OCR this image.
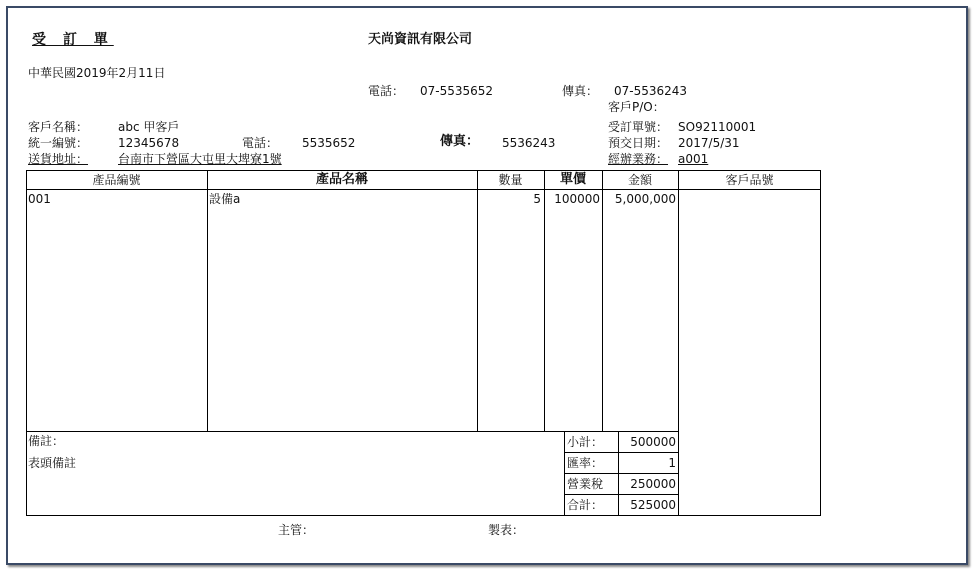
受 訂 單	天尚資訊有限公司
中華民國2019年2月11日
電話： 07-5535652	傳真： 07-5536243
客戶P/O：
客戶名稱： abc 甲客戶
統一編號： 12345678	電話： 5535652	傳真： 5536243
送貨地址： 台南市下營區大屯里大埤寮1號
受訂單號： SO92110001
預交日期： 2017/5/31
經辦業務： a001
產品編號	產品名稱	數量	單價	金額	客戶品號
001	設備a	5	100000	5,000,000
備註：
表頭備註
小計：	500000
匯率：	1
營業稅	250000
合計：	525000
主管：	製表：
